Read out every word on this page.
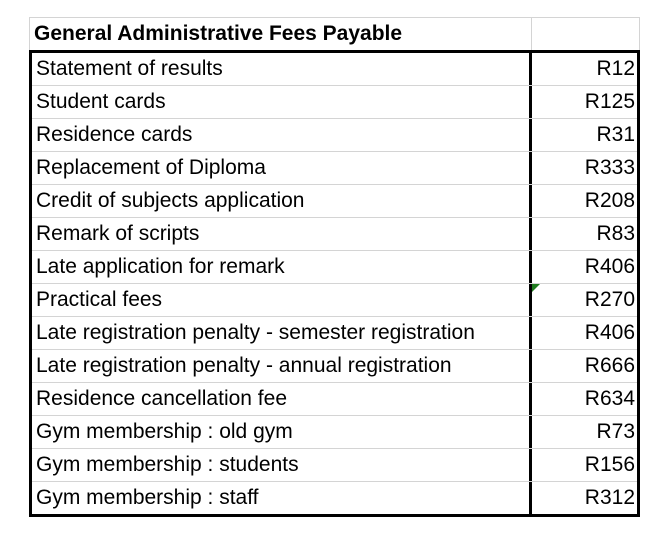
General Administrative Fees Payable
Statement of results	R12
Student cards	R125
Residence cards	R31
Replacement of Diploma	R333
Credit of subjects application	R208
Remark of scripts	R83
Late application for remark	R406
Practical fees	R270
Late registration penalty - semester registration	R406
Late registration penalty - annual registration	R666
Residence cancellation fee	R634
Gym membership : old gym	R73
Gym membership : students	R156
Gym membership : staff	R312
